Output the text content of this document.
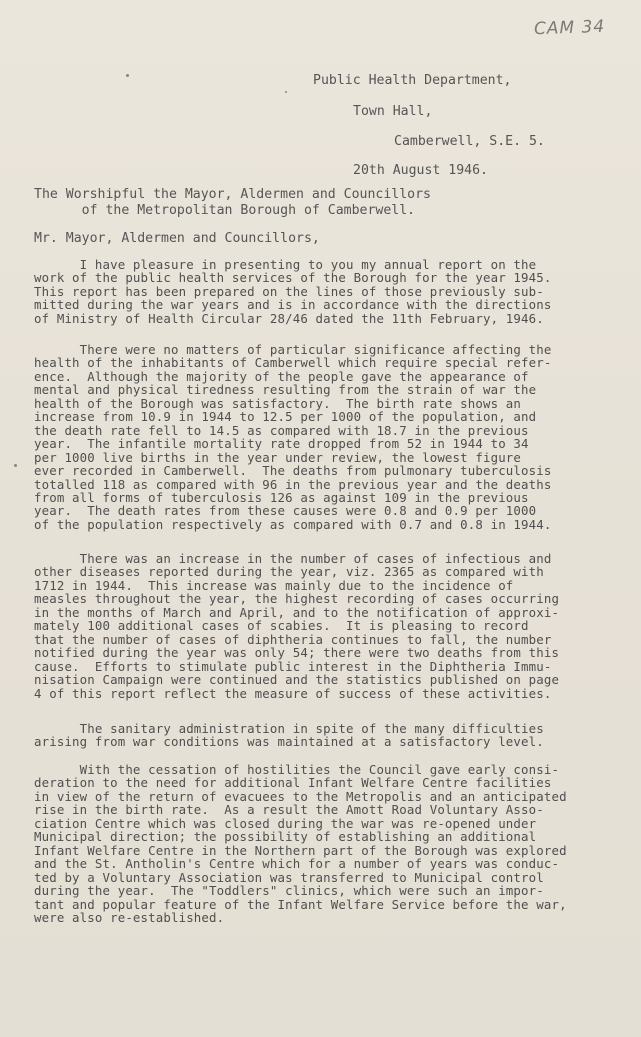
CAM 34
Public Health Department,
Town Hall,
Camberwell, S.E. 5.
20th August 1946.
The Worshipful the Mayor, Aldermen and Councillors
of the Metropolitan Borough of Camberwell.
Mr. Mayor, Aldermen and Councillors,
I have pleasure in presenting to you my annual report on the
work of the public health services of the Borough for the year 1945.
This report has been prepared on the lines of those previously sub-
mitted during the war years and is in accordance with the directions
of Ministry of Health Circular 28/46 dated the 11th February, 1946.
There were no matters of particular significance affecting the
health of the inhabitants of Camberwell which require special refer-
ence.  Although the majority of the people gave the appearance of
mental and physical tiredness resulting from the strain of war the
health of the Borough was satisfactory.  The birth rate shows an
increase from 10.9 in 1944 to 12.5 per 1000 of the population, and
the death rate fell to 14.5 as compared with 18.7 in the previous
year.  The infantile mortality rate dropped from 52 in 1944 to 34
per 1000 live births in the year under review, the lowest figure
ever recorded in Camberwell.  The deaths from pulmonary tuberculosis
totalled 118 as compared with 96 in the previous year and the deaths
from all forms of tuberculosis 126 as against 109 in the previous
year.  The death rates from these causes were 0.8 and 0.9 per 1000
of the population respectively as compared with 0.7 and 0.8 in 1944.
There was an increase in the number of cases of infectious and
other diseases reported during the year, viz. 2365 as compared with
1712 in 1944.  This increase was mainly due to the incidence of
measles throughout the year, the highest recording of cases occurring
in the months of March and April, and to the notification of approxi-
mately 100 additional cases of scabies.  It is pleasing to record
that the number of cases of diphtheria continues to fall, the number
notified during the year was only 54; there were two deaths from this
cause.  Efforts to stimulate public interest in the Diphtheria Immu-
nisation Campaign were continued and the statistics published on page
4 of this report reflect the measure of success of these activities.
The sanitary administration in spite of the many difficulties
arising from war conditions was maintained at a satisfactory level.
With the cessation of hostilities the Council gave early consi-
deration to the need for additional Infant Welfare Centre facilities
in view of the return of evacuees to the Metropolis and an anticipated
rise in the birth rate.  As a result the Amott Road Voluntary Asso-
ciation Centre which was closed during the war was re-opened under
Municipal direction; the possibility of establishing an additional
Infant Welfare Centre in the Northern part of the Borough was explored
and the St. Antholin's Centre which for a number of years was conduc-
ted by a Voluntary Association was transferred to Municipal control
during the year.  The "Toddlers" clinics, which were such an impor-
tant and popular feature of the Infant Welfare Service before the war,
were also re-established.
